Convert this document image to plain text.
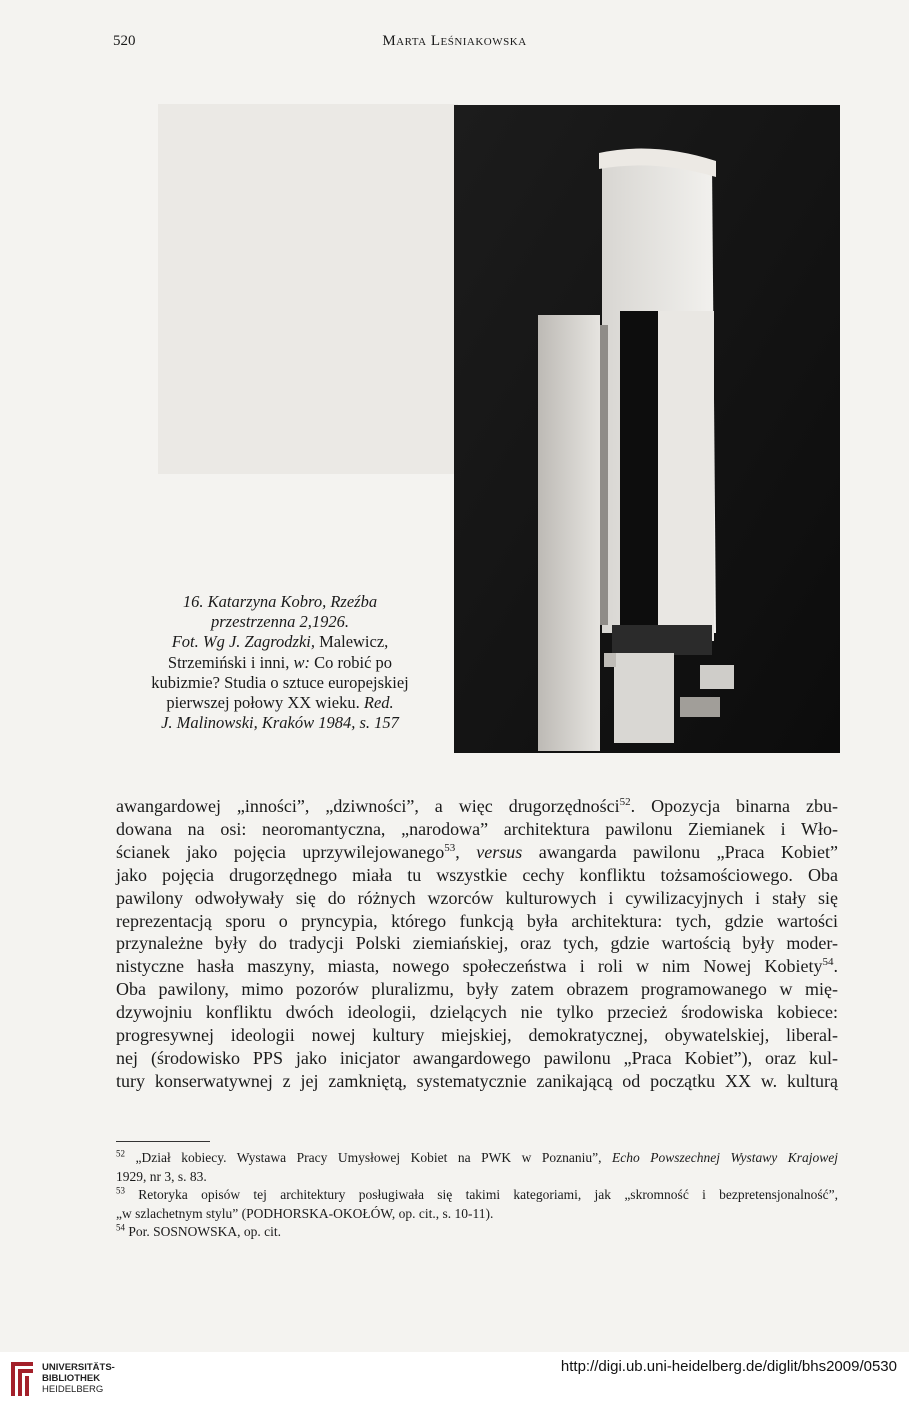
520	Marta Leśniakowska
16. Katarzyna Kobro, Rzeźba
przestrzenna 2,1926.
Fot. Wg J. Zagrodzki, Malewicz,
Strzemiński i inni, w: Co robić po
kubizmie? Studia o sztuce europejskiej
pierwszej połowy XX wieku. Red.
J. Malinowski, Kraków 1984, s. 157
awangardowej „inności”, „dziwności”, a więc drugorzędności$^{52}$. Opozycja binarna zbu-
dowana na osi: neoromantyczna, „narodowa” architektura pawilonu Ziemianek i Wło-
ścianek jako pojęcia uprzywilejowanego$^{53}$, versus awangarda pawilonu „Praca Kobiet”
jako pojęcia drugorzędnego miała tu wszystkie cechy konfliktu tożsamościowego. Oba
pawilony odwoływały się do różnych wzorców kulturowych i cywilizacyjnych i stały się
reprezentacją sporu o pryncypia, którego funkcją była architektura: tych, gdzie wartości
przynależne były do tradycji Polski ziemiańskiej, oraz tych, gdzie wartością były moder-
nistyczne hasła maszyny, miasta, nowego społeczeństwa i roli w nim Nowej Kobiety$^{54}$.
Oba pawilony, mimo pozorów pluralizmu, były zatem obrazem programowanego w mię-
dzywojniu konfliktu dwóch ideologii, dzielących nie tylko przecież środowiska kobiece:
progresywnej ideologii nowej kultury miejskiej, demokratycznej, obywatelskiej, liberal-
nej (środowisko PPS jako inicjator awangardowego pawilonu „Praca Kobiet”), oraz kul-
tury konserwatywnej z jej zamkniętą, systematycznie zanikającą od początku XX w. kulturą
$^{52}$ „Dział kobiecy. Wystawa Pracy Umysłowej Kobiet na PWK w Poznaniu”, Echo Powszechnej Wystawy Krajowej
1929, nr 3, s. 83.
$^{53}$ Retoryka opisów tej architektury posługiwała się takimi kategoriami, jak „skromność i bezpretensjonalność”,
„w szlachetnym stylu” (PODHORSKA-OKOŁÓW, op. cit., s. 10-11).
$^{54}$ Por. SOSNOWSKA, op. cit.
UNIVERSITÄTS-
BIBLIOTHEK
HEIDELBERG
http://digi.ub.uni-heidelberg.de/diglit/bhs2009/0530
